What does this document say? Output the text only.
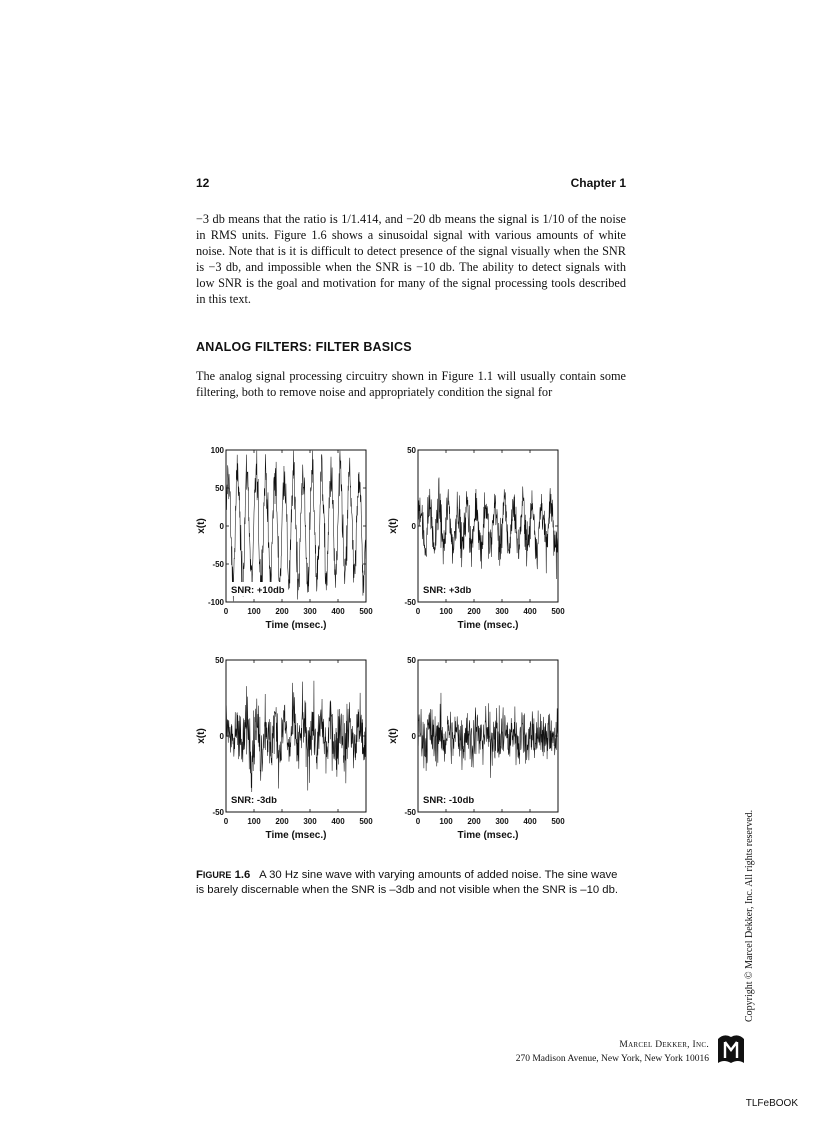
12	Chapter 1
−3 db means that the ratio is 1/1.414, and −20 db means the signal is 1/10 of the noise in RMS units. Figure 1.6 shows a sinusoidal signal with various amounts of white noise. Note that is it is difficult to detect presence of the signal visually when the SNR is −3 db, and impossible when the SNR is −10 db. The ability to detect signals with low SNR is the goal and motivation for many of the signal processing tools described in this text.
ANALOG FILTERS: FILTER BASICS
The analog signal processing circuitry shown in Figure 1.1 will usually contain some filtering, both to remove noise and appropriately condition the signal for
SNR: +10db
0 100 200 300 400 500
100
50
0
-50
-100
Time (msec.)
x(t)
SNR: +3db
0 100 200 300 400 500
50
0
-50
Time (msec.)
x(t)
SNR: -3db
0 100 200 300 400 500
50
0
-50
Time (msec.)
x(t)
SNR: -10db
0 100 200 300 400 500
50
0
-50
Time (msec.)
x(t)
FIGURE 1.6 A 30 Hz sine wave with varying amounts of added noise. The sine wave is barely discernable when the SNR is –3db and not visible when the SNR is –10 db.	Copyright © Marcel Dekker, Inc. All rights reserved.
Marcel Dekker, Inc.
270 Madison Avenue, New York, New York 10016
TLFeBOOK
